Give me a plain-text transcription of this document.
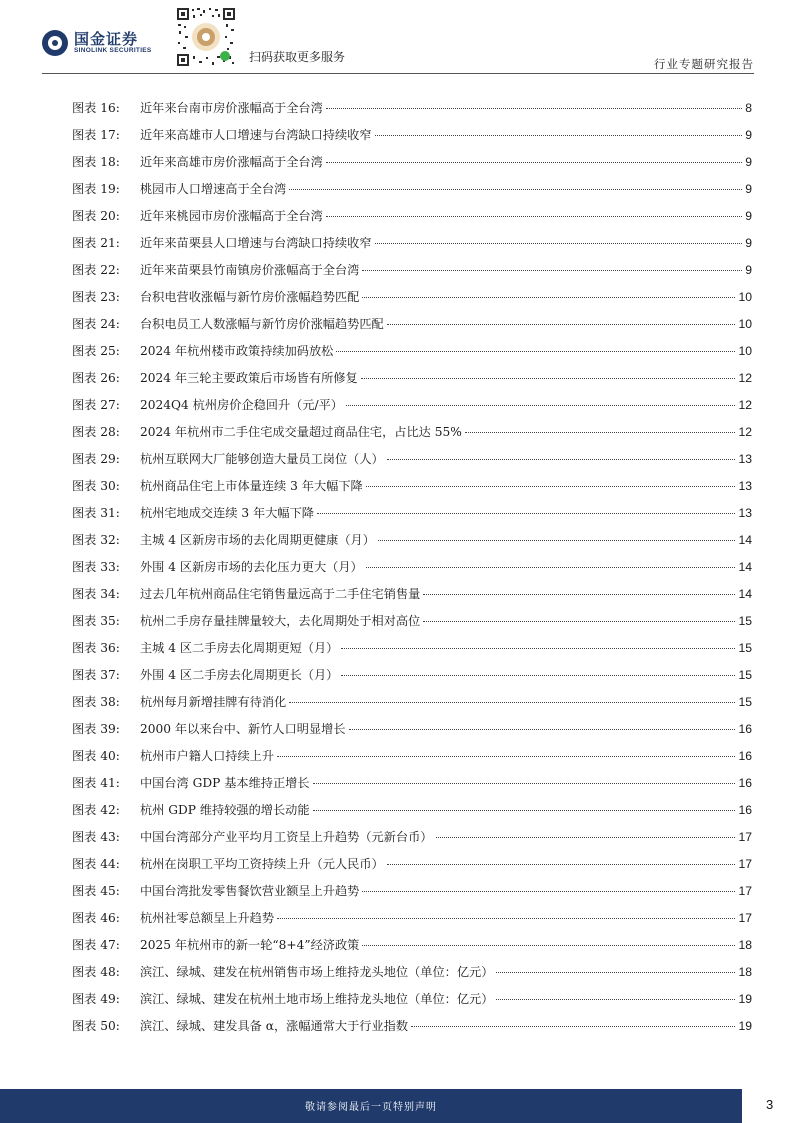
国金证券
SINOLINK SECURITIES	扫码获取更多服务	行业专题研究报告
图表 16:	近年来台南市房价涨幅高于全台湾	8
图表 17:	近年来高雄市人口增速与台湾缺口持续收窄	9
图表 18:	近年来高雄市房价涨幅高于全台湾	9
图表 19:	桃园市人口增速高于全台湾	9
图表 20:	近年来桃园市房价涨幅高于全台湾	9
图表 21:	近年来苗栗县人口增速与台湾缺口持续收窄	9
图表 22:	近年来苗栗县竹南镇房价涨幅高于全台湾	9
图表 23:	台积电营收涨幅与新竹房价涨幅趋势匹配	10
图表 24:	台积电员工人数涨幅与新竹房价涨幅趋势匹配	10
图表 25:	2024 年杭州楼市政策持续加码放松	10
图表 26:	2024 年三轮主要政策后市场皆有所修复	12
图表 27:	2024Q4 杭州房价企稳回升（元/平）	12
图表 28:	2024 年杭州市二手住宅成交量超过商品住宅，占比达 55%	12
图表 29:	杭州互联网大厂能够创造大量员工岗位（人）	13
图表 30:	杭州商品住宅上市体量连续 3 年大幅下降	13
图表 31:	杭州宅地成交连续 3 年大幅下降	13
图表 32:	主城 4 区新房市场的去化周期更健康（月）	14
图表 33:	外围 4 区新房市场的去化压力更大（月）	14
图表 34:	过去几年杭州商品住宅销售量远高于二手住宅销售量	14
图表 35:	杭州二手房存量挂牌量较大，去化周期处于相对高位	15
图表 36:	主城 4 区二手房去化周期更短（月）	15
图表 37:	外围 4 区二手房去化周期更长（月）	15
图表 38:	杭州每月新增挂牌有待消化	15
图表 39:	2000 年以来台中、新竹人口明显增长	16
图表 40:	杭州市户籍人口持续上升	16
图表 41:	中国台湾 GDP 基本维持正增长	16
图表 42:	杭州 GDP 维持较强的增长动能	16
图表 43:	中国台湾部分产业平均月工资呈上升趋势（元新台币）	17
图表 44:	杭州在岗职工平均工资持续上升（元人民币）	17
图表 45:	中国台湾批发零售餐饮营业额呈上升趋势	17
图表 46:	杭州社零总额呈上升趋势	17
图表 47:	2025 年杭州市的新一轮“8+4”经济政策	18
图表 48:	滨江、绿城、建发在杭州销售市场上维持龙头地位（单位：亿元）	18
图表 49:	滨江、绿城、建发在杭州土地市场上维持龙头地位（单位：亿元）	19
图表 50:	滨江、绿城、建发具备 α，涨幅通常大于行业指数	19
敬请参阅最后一页特别声明	3
